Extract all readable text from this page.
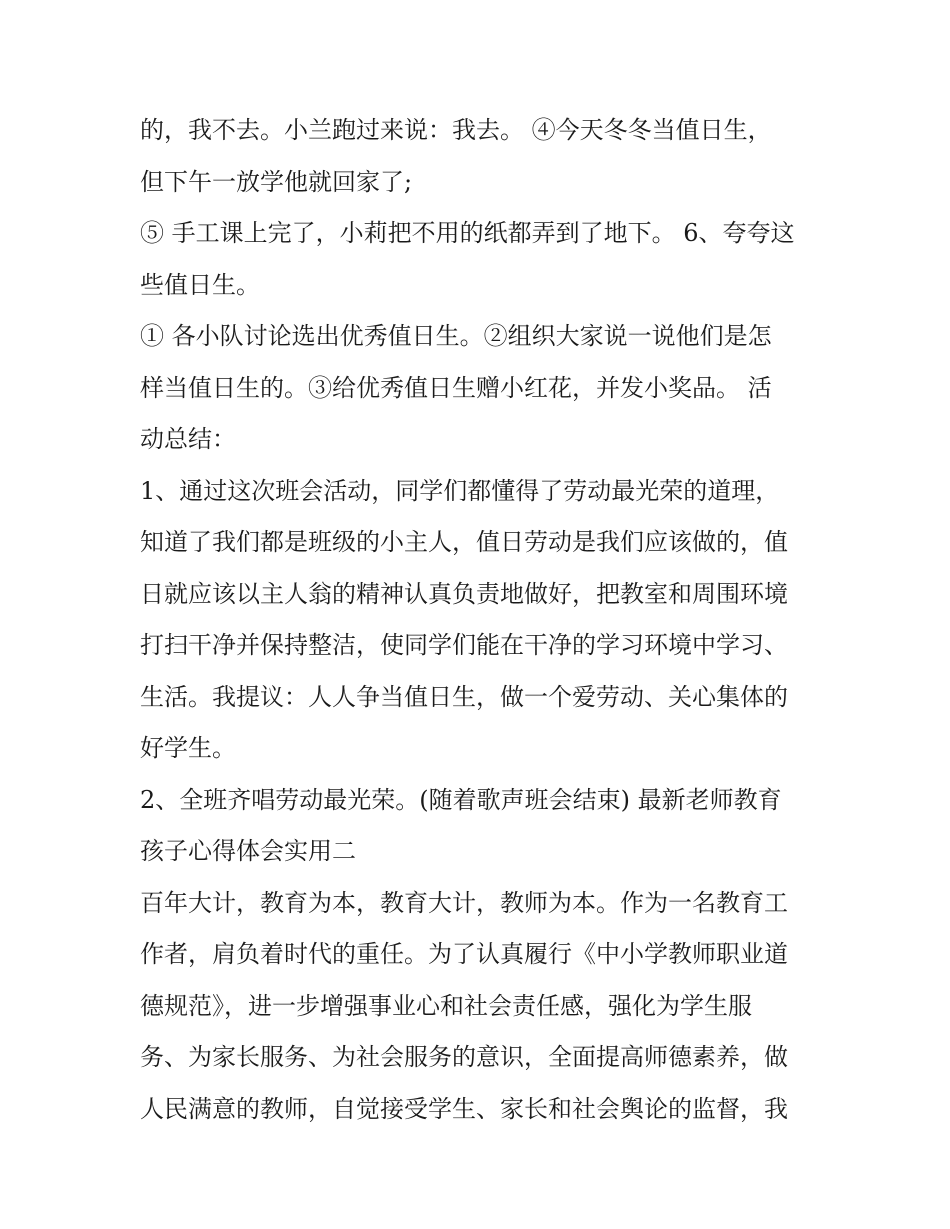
的，我不去。小兰跑过来说：我去。 ④今天冬冬当值日生，
但下午一放学他就回家了;
⑤ 手工课上完了，小莉把不用的纸都弄到了地下。 6、夸夸这
些值日生。
① 各小队讨论选出优秀值日生。②组织大家说一说他们是怎
样当值日生的。③给优秀值日生赠小红花，并发小奖品。 活
动总结：
1、通过这次班会活动，同学们都懂得了劳动最光荣的道理，
知道了我们都是班级的小主人，值日劳动是我们应该做的，值
日就应该以主人翁的精神认真负责地做好，把教室和周围环境
打扫干净并保持整洁，使同学们能在干净的学习环境中学习、
生活。我提议：人人争当值日生，做一个爱劳动、关心集体的
好学生。
2、全班齐唱劳动最光荣。(随着歌声班会结束) 最新老师教育
孩子心得体会实用二
百年大计，教育为本，教育大计，教师为本。作为一名教育工
作者，肩负着时代的重任。为了认真履行《中小学教师职业道
德规范》，进一步增强事业心和社会责任感，强化为学生服
务、为家长服务、为社会服务的意识，全面提高师德素养，做
人民满意的教师，自觉接受学生、家长和社会舆论的监督，我
